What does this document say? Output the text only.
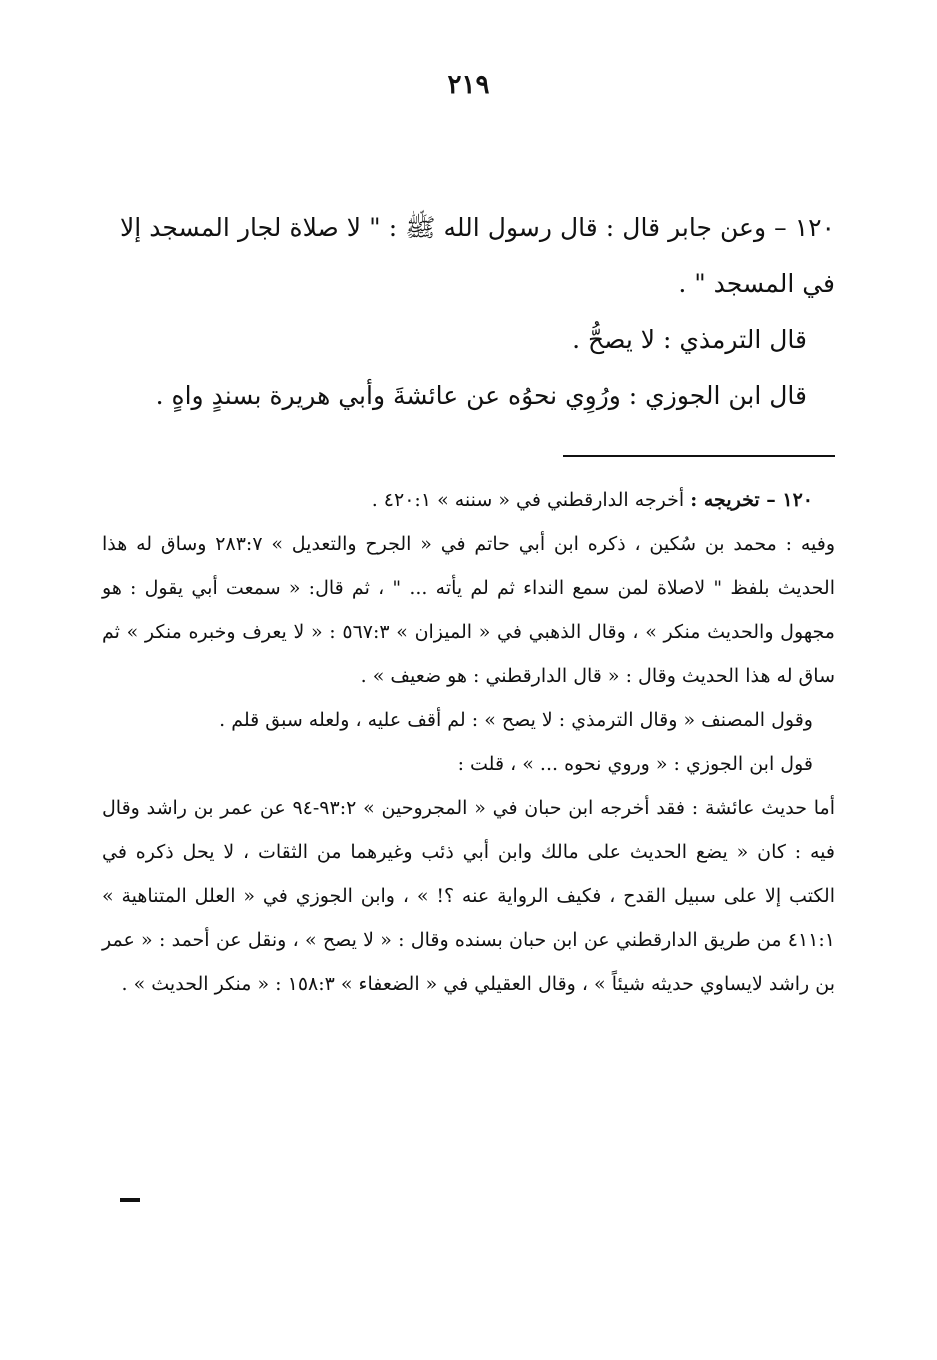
٢١٩

١٢٠ – وعن جابر قال : قال رسول الله ﷺ : " لا صلاة لجار المسجد إلا في المسجد " .

قال الترمذي : لا يصحُّ .

قال ابن الجوزي : ورُوِي نحوُه عن عائشةَ وأبي هريرة بسندٍ واهٍ .

١٢٠ – تخريجه : أخرجه الدارقطني في « سننه » ٤٢٠:١ .

وفيه : محمد بن سُكين ، ذكره ابن أبي حاتم في « الجرح والتعديل » ٢٨٣:٧ وساق له هذا الحديث بلفظ " لاصلاة لمن سمع النداء ثم لم يأته ... " ، ثم قال: « سمعت أبي يقول : هو مجهول والحديث منكر » ، وقال الذهبي في « الميزان » ٥٦٧:٣ : « لا يعرف وخبره منكر » ثم ساق له هذا الحديث وقال : « قال الدارقطني : هو ضعيف » .

وقول المصنف « وقال الترمذي : لا يصح » : لم أقف عليه ، ولعله سبق قلم .

قول ابن الجوزي : « وروي نحوه ... » ، قلت :

أما حديث عائشة : فقد أخرجه ابن حبان في « المجروحين » ٩٣:٢-٩٤ عن عمر بن راشد وقال فيه : كان « يضع الحديث على مالك وابن أبي ذئب وغيرهما من الثقات ، لا يحل ذكره في الكتب إلا على سبيل القدح ، فكيف الرواية عنه ؟! » ، وابن الجوزي في « العلل المتناهية » ٤١١:١ من طريق الدارقطني عن ابن حبان بسنده وقال : « لا يصح » ، ونقل عن أحمد : « عمر بن راشد لايساوي حديثه شيئاً » ، وقال العقيلي في « الضعفاء » ١٥٨:٣ : « منكر الحديث » .
